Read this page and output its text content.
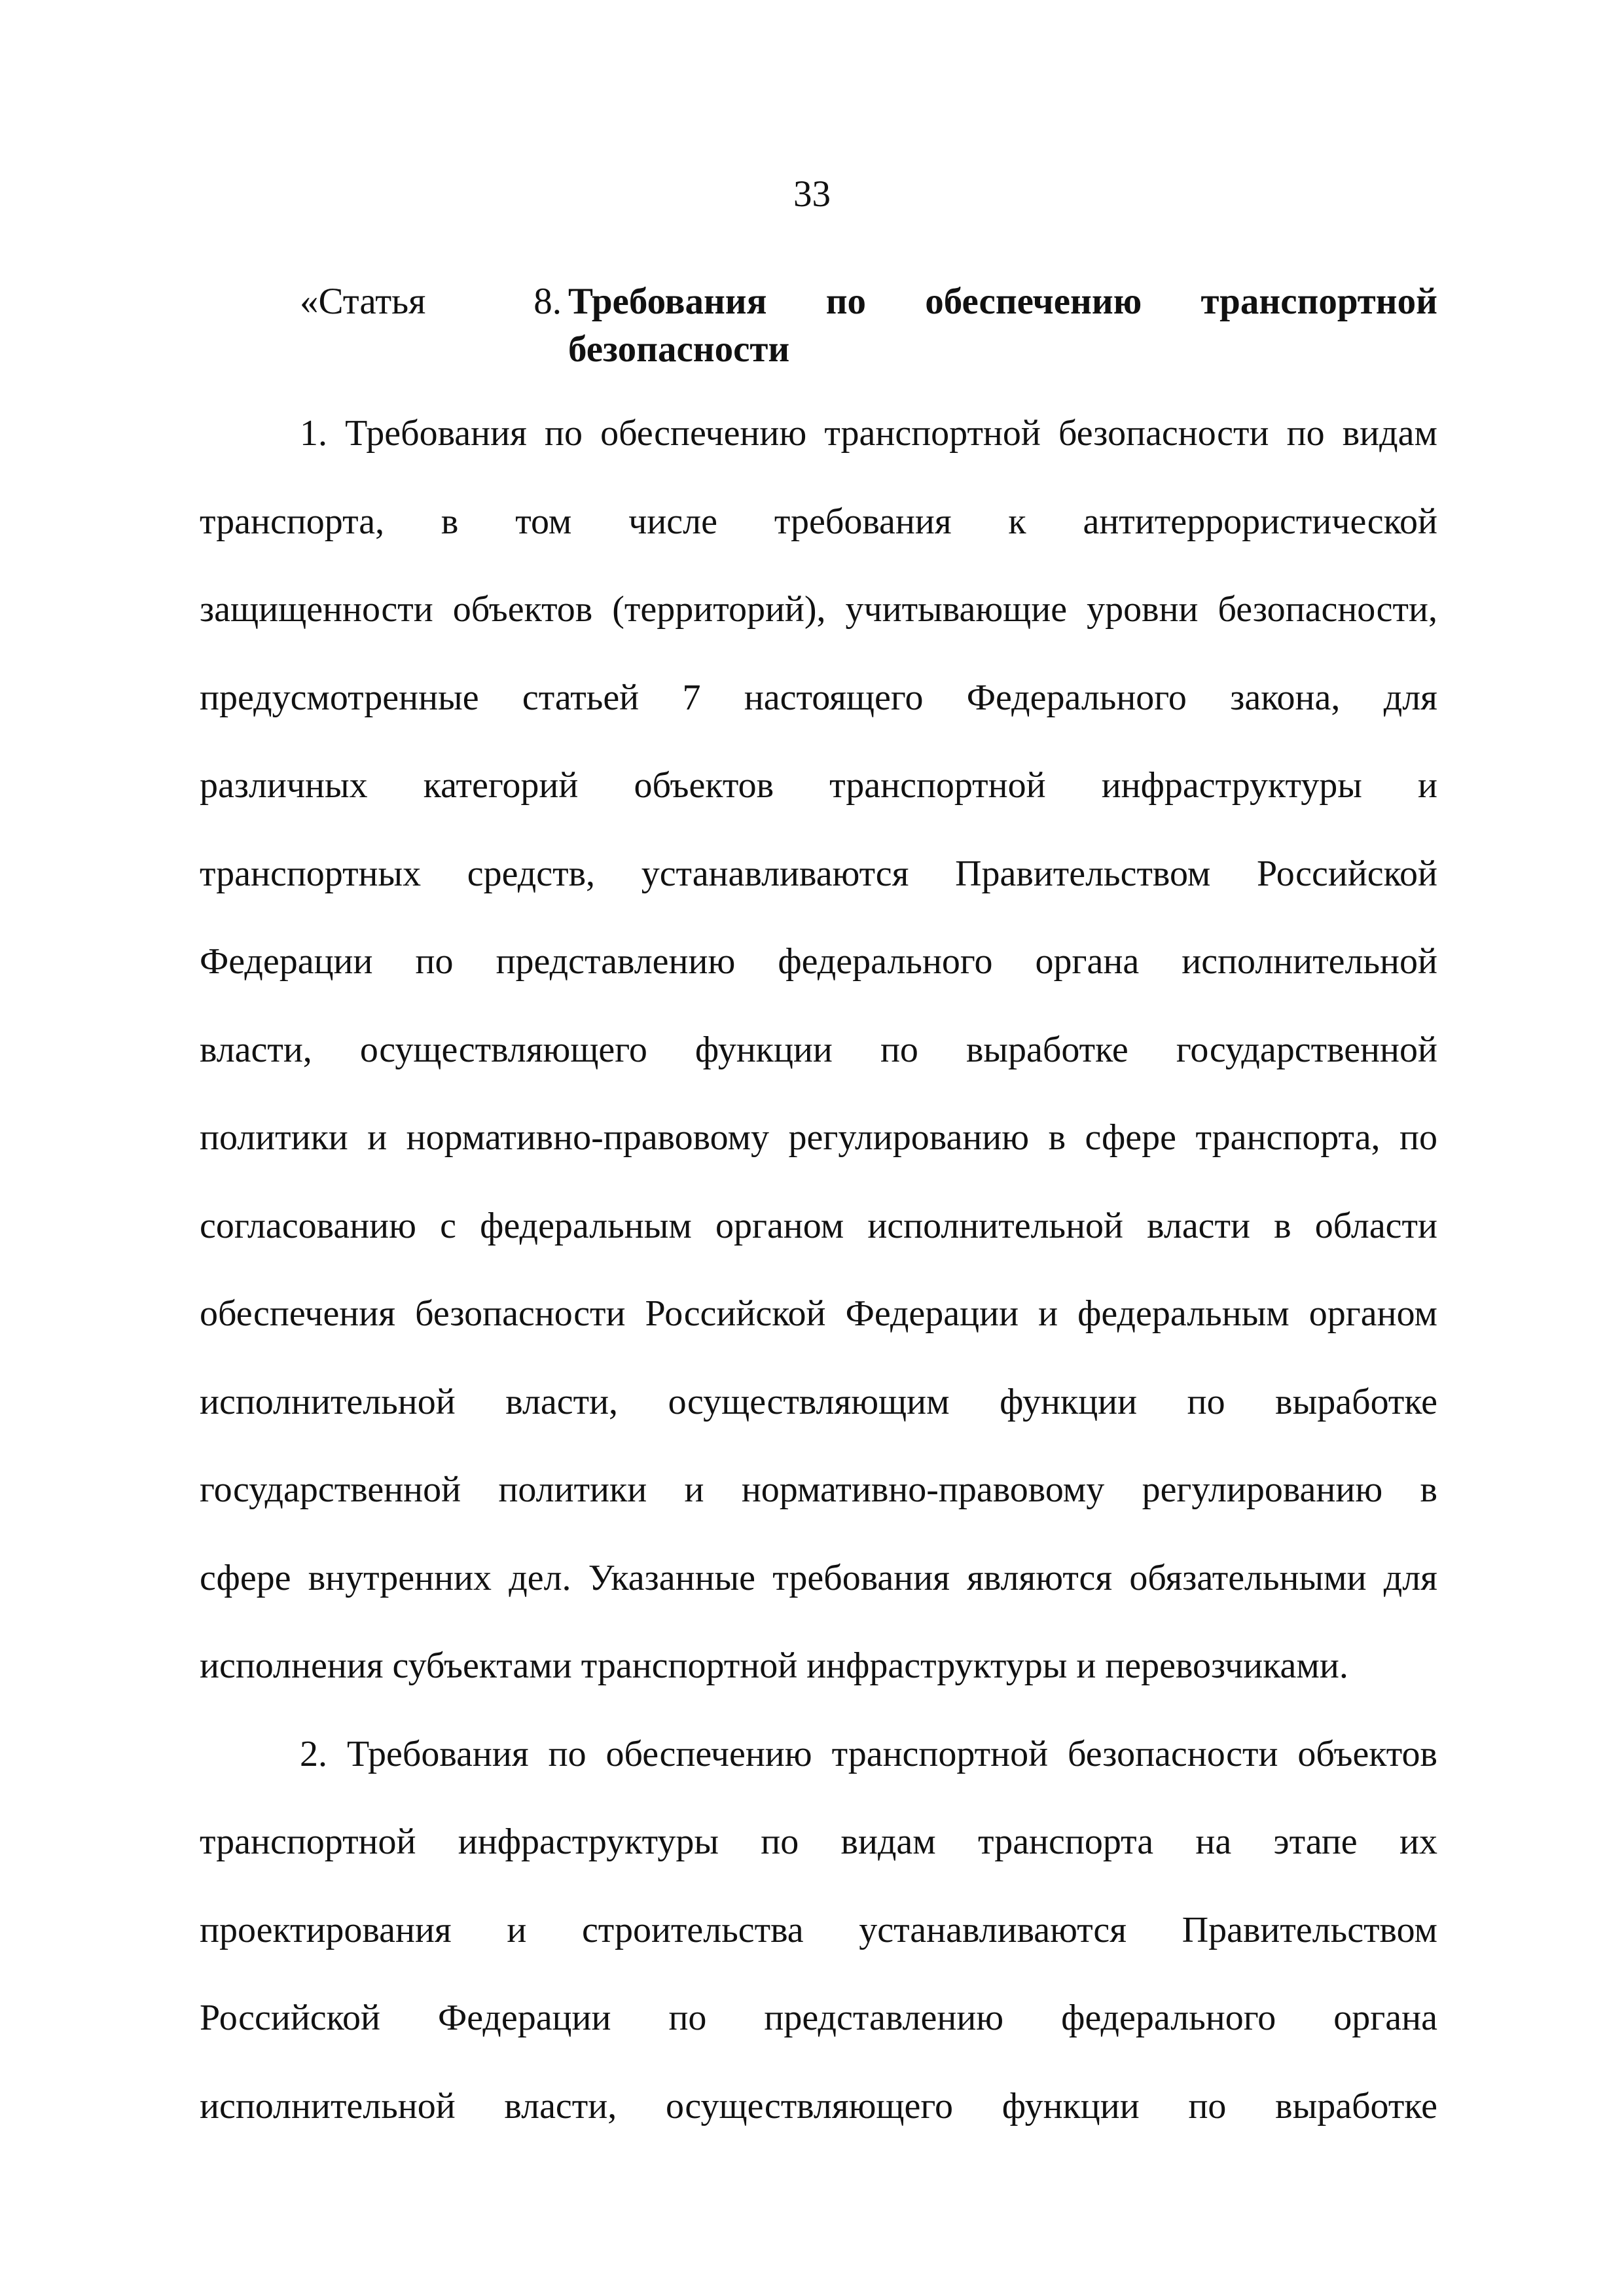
33
«Статья	8. Требования по обеспечению транспортной
безопасности
1. Требования по обеспечению транспортной безопасности по видам
транспорта, в том числе требования к антитеррористической
защищенности объектов (территорий), учитывающие уровни безопасности,
предусмотренные статьей 7 настоящего Федерального закона, для
различных категорий объектов транспортной инфраструктуры и
транспортных средств, устанавливаются Правительством Российской
Федерации по представлению федерального органа исполнительной
власти, осуществляющего функции по выработке государственной
политики и нормативно-правовому регулированию в сфере транспорта, по
согласованию с федеральным органом исполнительной власти в области
обеспечения безопасности Российской Федерации и федеральным органом
исполнительной власти, осуществляющим функции по выработке
государственной политики и нормативно-правовому регулированию в
сфере внутренних дел. Указанные требования являются обязательными для
исполнения субъектами транспортной инфраструктуры и перевозчиками.
2. Требования по обеспечению транспортной безопасности объектов
транспортной инфраструктуры по видам транспорта на этапе их
проектирования и строительства устанавливаются Правительством
Российской Федерации по представлению федерального органа
исполнительной власти, осуществляющего функции по выработке
